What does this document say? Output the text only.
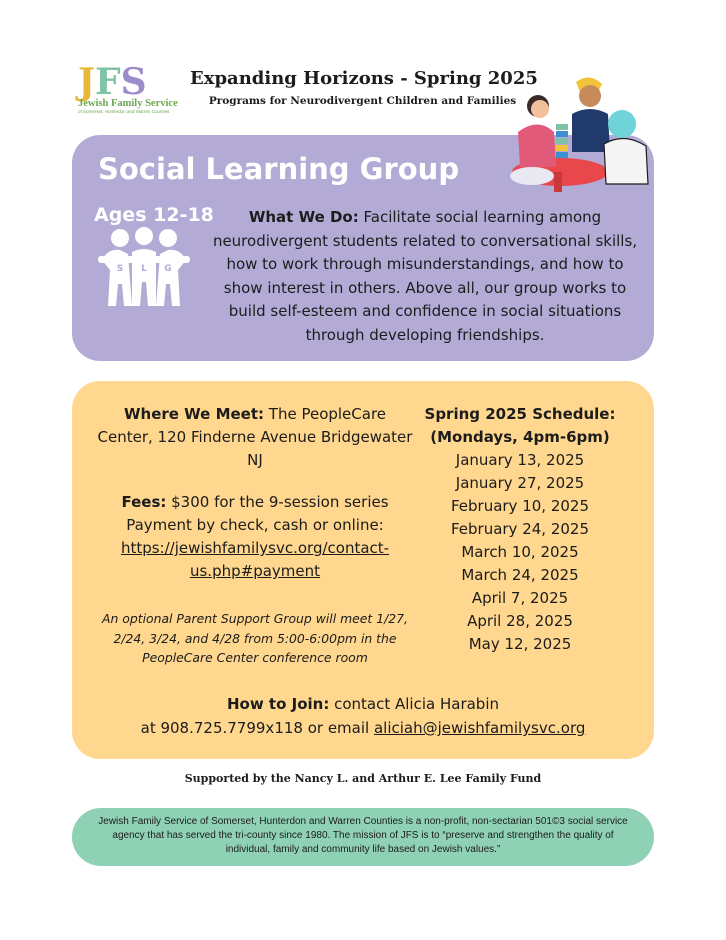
JFS
Jewish Family Service
of Somerset, Hunterdon and Warren Counties
Expanding Horizons - Spring 2025
Programs for Neurodivergent Children and Families
Social Learning Group
Ages 12-18
S L G
What We Do: Facilitate social learning among neurodivergent students related to conversational skills, how to work through misunderstandings, and how to show interest in others. Above all, our group works to build self-esteem and confidence in social situations through developing friendships.
Where We Meet: The PeopleCare Center, 120 Finderne Avenue Bridgewater NJ
Fees: $300 for the 9-session series
Payment by check, cash or online:
https://jewishfamilysvc.org/contact-us.php#payment
An optional Parent Support Group will meet 1/27, 2/24, 3/24, and 4/28 from 5:00-6:00pm in the PeopleCare Center conference room
Spring 2025 Schedule:
(Mondays, 4pm-6pm)
January 13, 2025
January 27, 2025
February 10, 2025
February 24, 2025
March 10, 2025
March 24, 2025
April 7, 2025
April 28, 2025
May 12, 2025
How to Join: contact Alicia Harabin
at 908.725.7799x118 or email aliciah@jewishfamilysvc.org
Supported by the Nancy L. and Arthur E. Lee Family Fund
Jewish Family Service of Somerset, Hunterdon and Warren Counties is a non-profit, non-sectarian 501©3 social service agency that has served the tri-county since 1980. The mission of JFS is to “preserve and strengthen the quality of individual, family and community life based on Jewish values.”
